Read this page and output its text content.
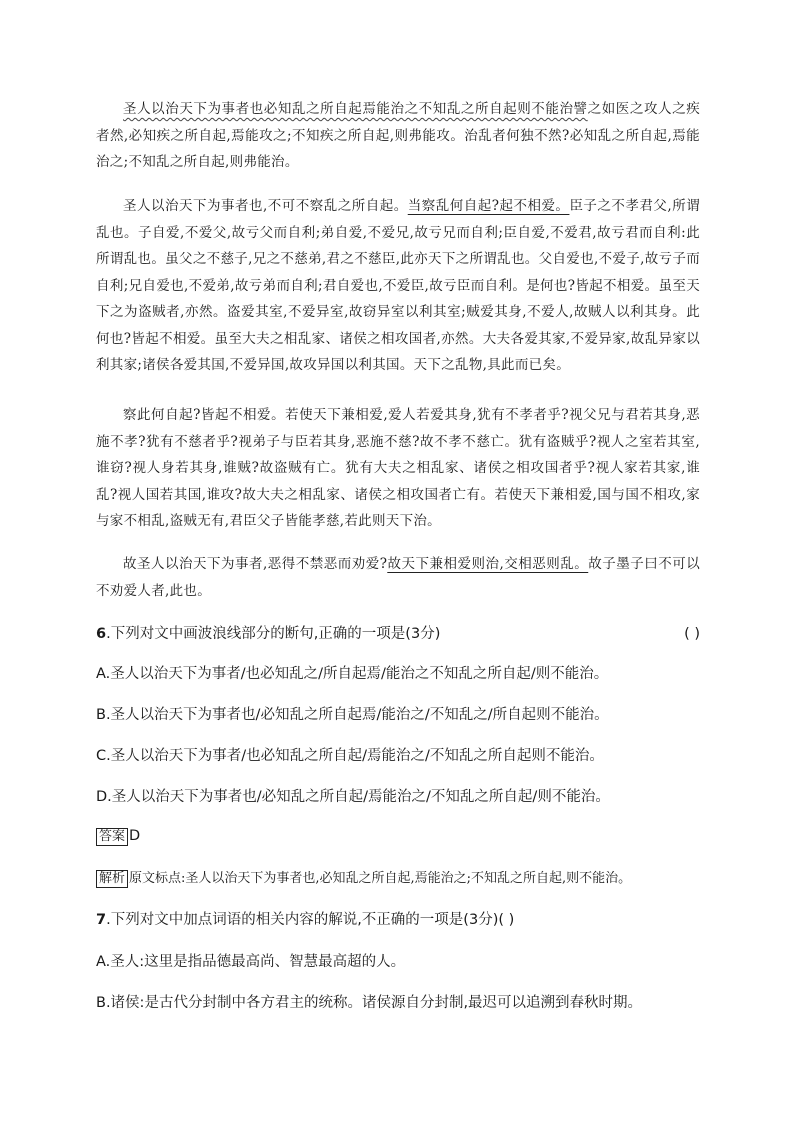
圣人以治天下为事者也必知乱之所自起焉能治之不知乱之所自起则不能治譬之如医之攻人之疾者然,必知疾之所自起,焉能攻之;不知疾之所自起,则弗能攻。治乱者何独不然?必知乱之所自起,焉能治之;不知乱之所自起,则弗能治。

圣人以治天下为事者也,不可不察乱之所自起。当察乱何自起?起不相爱。臣子之不孝君父,所谓乱也。子自爱,不爱父,故亏父而自利;弟自爱,不爱兄,故亏兄而自利;臣自爱,不爱君,故亏君而自利:此所谓乱也。虽父之不慈子,兄之不慈弟,君之不慈臣,此亦天下之所谓乱也。父自爱也,不爱子,故亏子而自利;兄自爱也,不爱弟,故亏弟而自利;君自爱也,不爱臣,故亏臣而自利。是何也?皆起不相爱。虽至天下之为盗贼者,亦然。盗爱其室,不爱异室,故窃异室以利其室;贼爱其身,不爱人,故贼人以利其身。此何也?皆起不相爱。虽至大夫之相乱家、诸侯之相攻国者,亦然。大夫各爱其家,不爱异家,故乱异家以利其家;诸侯各爱其国,不爱异国,故攻异国以利其国。天下之乱物,具此而已矣。

察此何自起?皆起不相爱。若使天下兼相爱,爱人若爱其身,犹有不孝者乎?视父兄与君若其身,恶施不孝?犹有不慈者乎?视弟子与臣若其身,恶施不慈?故不孝不慈亡。犹有盗贼乎?视人之室若其室,谁窃?视人身若其身,谁贼?故盗贼有亡。犹有大夫之相乱家、诸侯之相攻国者乎?视人家若其家,谁乱?视人国若其国,谁攻?故大夫之相乱家、诸侯之相攻国者亡有。若使天下兼相爱,国与国不相攻,家与家不相乱,盗贼无有,君臣父子皆能孝慈,若此则天下治。

故圣人以治天下为事者,恶得不禁恶而劝爱?故天下兼相爱则治,交相恶则乱。故子墨子曰不可以不劝爱人者,此也。

6.下列对文中画波浪线部分的断句,正确的一项是(3分)	( )
A.圣人以治天下为事者/也必知乱之/所自起焉/能治之不知乱之所自起/则不能治。
B.圣人以治天下为事者也/必知乱之所自起焉/能治之/不知乱之/所自起则不能治。
C.圣人以治天下为事者/也必知乱之所自起/焉能治之/不知乱之所自起则不能治。
D.圣人以治天下为事者也/必知乱之所自起/焉能治之/不知乱之所自起/则不能治。
答案 D
解析 原文标点:圣人以治天下为事者也,必知乱之所自起,焉能治之;不知乱之所自起,则不能治。
7.下列对文中加点词语的相关内容的解说,不正确的一项是(3分)( )
A.圣人:这里是指品德最高尚、智慧最高超的人。
B.诸侯:是古代分封制中各方君主的统称。诸侯源自分封制,最迟可以追溯到春秋时期。
